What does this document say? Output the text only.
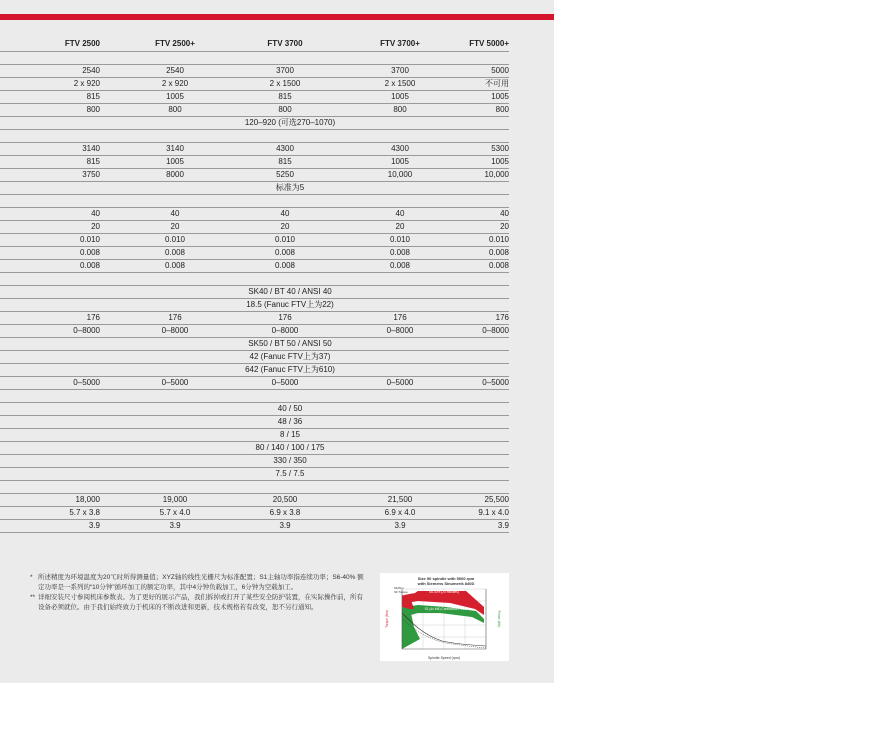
FTV 2500	FTV 2500+	FTV 3700	FTV 3700+	FTV 5000+
2540	2540	3700	3700	5000
2 x 920	2 x 920	2 x 1500	2 x 1500	不可用
815	1005	815	1005	1005
800	800	800	800	800
120–920 (可选270–1070)
3140	3140	4300	4300	5300
815	1005	815	1005	1005
3750	8000	5250	10,000	10,000
标准为5
40	40	40	40	40
20	20	20	20	20
0.010	0.010	0.010	0.010	0.010
0.008	0.008	0.008	0.008	0.008
0.008	0.008	0.008	0.008	0.008
SK40 / BT 40 / ANSI 40
18.5 (Fanuc FTV上为22)
176	176	176	176	176
0–8000	0–8000	0–8000	0–8000	0–8000
SK50 / BT 50 / ANSI 50
42 (Fanuc FTV上为37)
642 (Fanuc FTV上为610)
0–5000	0–5000	0–5000	0–5000	0–5000
40 / 50
48 / 36
8 / 15
80 / 140 / 100 / 175
330 / 350
7.5 / 7.5
18,000	19,000	20,500	21,500	25,500
5.7 x 3.8	5.7 x 4.0	6.9 x 3.8	6.9 x 4.0	9.1 x 4.0
3.9	3.9	3.9	3.9	3.9
* 所述精度为环境温度为20℃时所得测量值；XYZ轴的线性光栅尺为标准配置；S1主轴功率指连续功率；S6-40% 额定功率是一系列的“10分钟”循环加工的额定功率，其中4分钟负载加工，6分钟为空载加工。
** 详细安装尺寸参阅机床参数表。为了更好的展示产品，我们拆掉或打开了某些安全防护装置，在实际操作前，所有设备必须就位。由于我们始终致力于机床的不断改进和更新，技术规格若有改变，恕不另行通知。
Size 50 spindle with 5000 rpm
with Siemens Sinumerik 840D
S6-40% (20 minutes)
S1 (44 kW) Continuous Power
642Nm
S6 Torque
Spindle Speed (rpm)
Torque (Nm)	Power (kW)
